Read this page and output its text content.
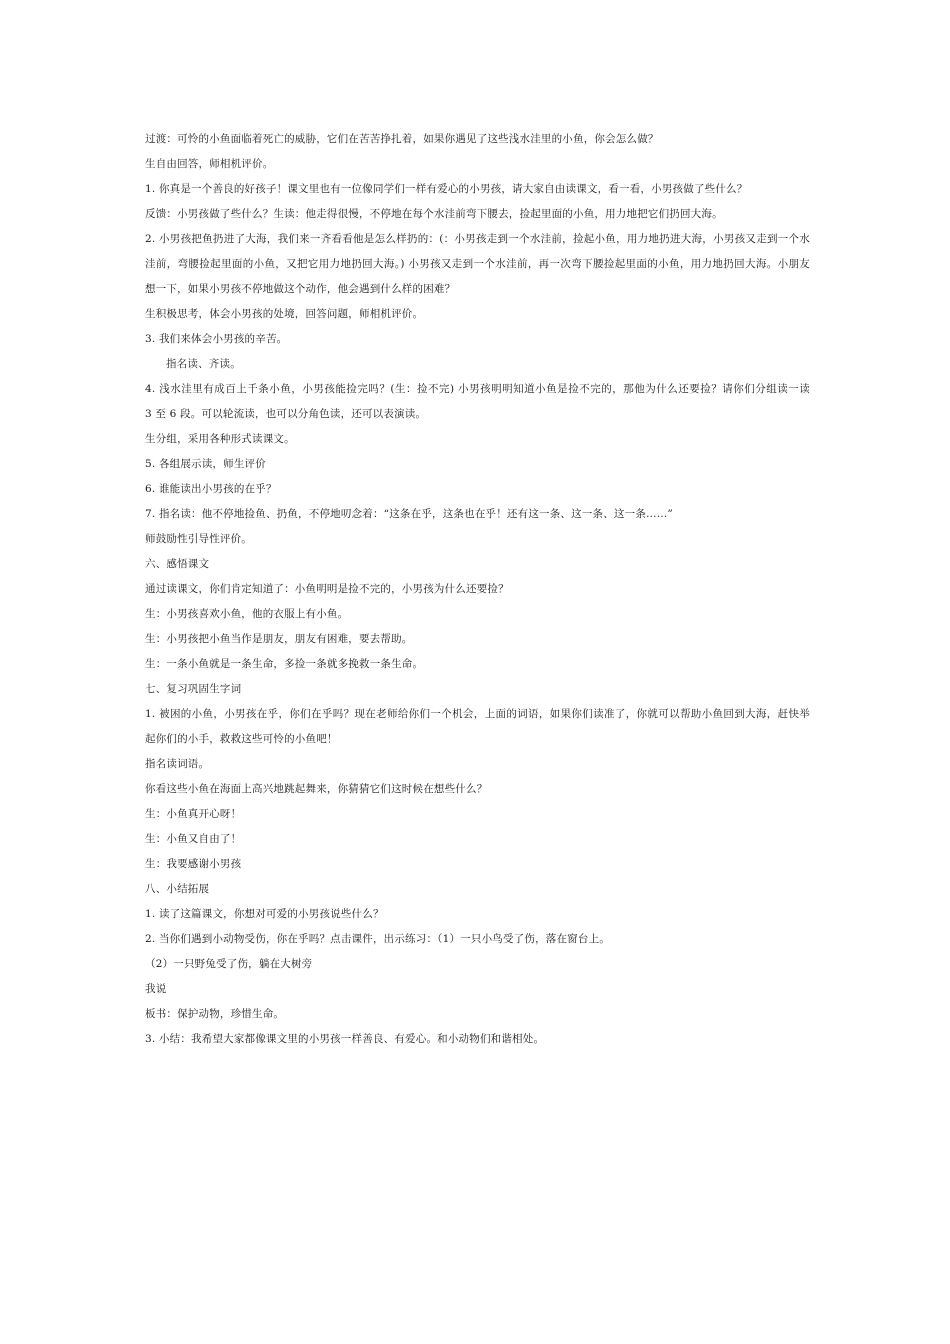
过渡：可怜的小鱼面临着死亡的威胁，它们在苦苦挣扎着，如果你遇见了这些浅水洼里的小鱼，你会怎么做？
生自由回答，师相机评价。
1. 你真是一个善良的好孩子！课文里也有一位像同学们一样有爱心的小男孩，请大家自由读课文，看一看，小男孩做了些什么？
反馈：小男孩做了些什么？生读：他走得很慢，不停地在每个水洼前弯下腰去，捡起里面的小鱼，用力地把它们扔回大海。
2. 小男孩把鱼扔进了大海，我们来一齐看看他是怎么样扔的：(：小男孩走到一个水洼前，捡起小鱼，用力地扔进大海，小男孩又走到一个水
洼前，弯腰捡起里面的小鱼，又把它用力地扔回大海。) 小男孩又走到一个水洼前，再一次弯下腰捡起里面的小鱼，用力地扔回大海。小朋友
想一下，如果小男孩不停地做这个动作，他会遇到什么样的困难？
生积极思考，体会小男孩的处境，回答问题，师相机评价。
3. 我们来体会小男孩的辛苦。
指名读、齐读。
4. 浅水洼里有成百上千条小鱼，小男孩能捡完吗？(生：捡不完) 小男孩明明知道小鱼是捡不完的，那他为什么还要捡？请你们分组读一读
3 至 6 段。可以轮流读，也可以分角色读，还可以表演读。
生分组，采用各种形式读课文。
5. 各组展示读，师生评价
6. 谁能读出小男孩的在乎？
7. 指名读：他不停地捡鱼、扔鱼，不停地叨念着：“这条在乎，这条也在乎！还有这一条、这一条、这一条……”
师鼓励性引导性评价。
六、感悟课文
通过读课文，你们肯定知道了：小鱼明明是捡不完的，小男孩为什么还要捡？
生：小男孩喜欢小鱼，他的衣服上有小鱼。
生：小男孩把小鱼当作是朋友，朋友有困难，要去帮助。
生：一条小鱼就是一条生命，多捡一条就多挽救一条生命。
七、复习巩固生字词
1. 被困的小鱼，小男孩在乎，你们在乎吗？现在老师给你们一个机会，上面的词语，如果你们读准了，你就可以帮助小鱼回到大海，赶快举
起你们的小手，救救这些可怜的小鱼吧！
指名读词语。
你看这些小鱼在海面上高兴地跳起舞来，你猜猜它们这时候在想些什么？
生：小鱼真开心呀！
生：小鱼又自由了！
生：我要感谢小男孩
八、小结拓展
1. 读了这篇课文，你想对可爱的小男孩说些什么？
2. 当你们遇到小动物受伤，你在乎吗？点击课件，出示练习：（1）一只小鸟受了伤，落在窗台上。
（2）一只野兔受了伤，躺在大树旁
我说
板书：保护动物，珍惜生命。
3. 小结：我希望大家都像课文里的小男孩一样善良、有爱心。和小动物们和谐相处。
